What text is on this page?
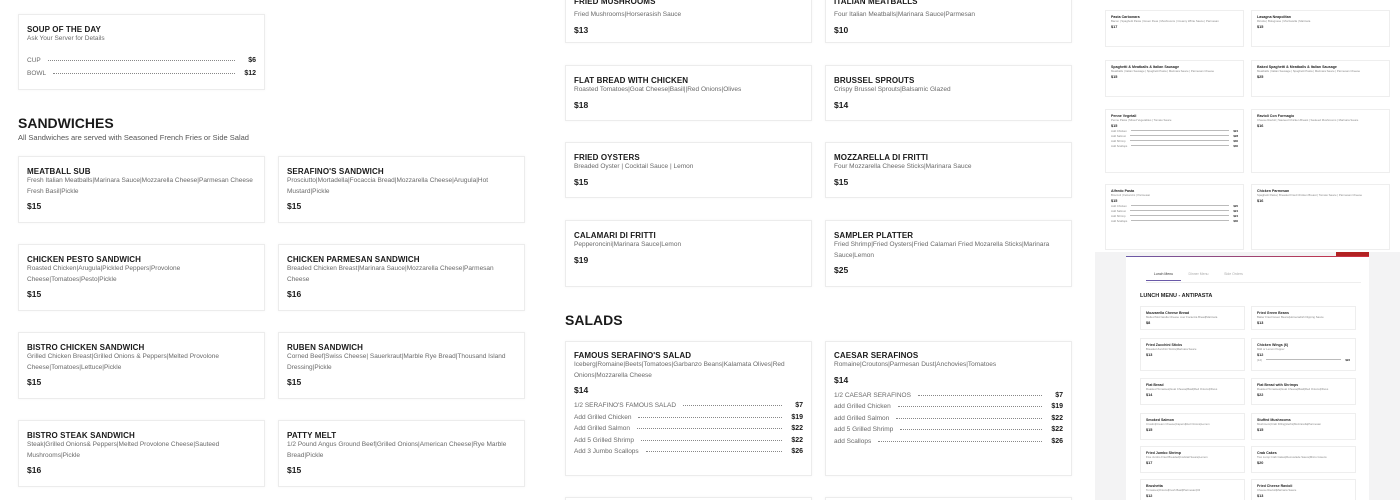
SOUP OF THE DAY
Ask Your Server for Details
CUP	$6
BOWL	$12
SANDWICHES
All Sandwiches are served with Seasoned French Fries or Side Salad
MEATBALL SUB
Fresh Italian Meatballs|Marinara Sauce|Mozzarella Cheese|Parmesan Cheese Fresh Basil|Pickle
$15
SERAFINO'S SANDWICH
Prosciutto|Mortadella|Focaccia Bread|Mozzarella Cheese|Arugula|Hot Mustard|Pickle
$15
CHICKEN PESTO SANDWICH
Roasted Chicken|Arugula|Pickled Peppers|Provolone Cheese|Tomatoes|Pesto|Pickle
$15
CHICKEN PARMESAN SANDWICH
Breaded Chicken Breast|Marinara Sauce|Mozzarella Cheese|Parmesan Cheese
$16
BISTRO CHICKEN SANDWICH
Grilled Chicken Breast|Grilled Onions & Peppers|Melted Provolone Cheese|Tomatoes|Lettuce|Pickle
$15
RUBEN SANDWICH
Corned Beef|Swiss Cheese| Sauerkraut|Marble Rye Bread|Thousand Island Dressing|Pickle
$15
BISTRO STEAK SANDWICH
Steak|Grilled Onions& Peppers|Melted Provolone Cheese|Sauteed Mushrooms|Pickle
$16
PATTY MELT
1/2 Pound Angus Ground Beef|Grilled Onions|American Cheese|Rye Marble Bread|Pickle
$15
FRIED MUSHROOMS
Fried Mushrooms|Horserasish Sauce
$13
ITALIAN MEATBALLS
Four Italian Meatballs|Marinara Sauce|Parmesan
$10
FLAT BREAD WITH CHICKEN
Roasted Tomatoes|Goat Cheese|Basil||Red Onions|Olives
$18
BRUSSEL SPROUTS
Crispy Brussel Sprouts|Balsamic Glazed
$14
FRIED OYSTERS
Breaded Oyster | Cocktail Sauce | Lemon
$15
MOZZARELLA DI FRITTI
Four Mozzarella Cheese Sticks|Marinara Sauce
$15
CALAMARI DI FRITTI
Pepperoncini|Marinara Sauce|Lemon
$19
SAMPLER PLATTER
Fried Shrimp|Fried Oysters|Fried Calamari Fried Mozarella Sticks|Marinara Sauce|Lemon
$25
SALADS
FAMOUS SERAFINO'S SALAD
Iceberg|Romaine|Beets|Tomatoes|Garbanzo Beans|Kalamata Olives|Red Onions|Mozzarella Cheese
$14
1/2 SERAFINO'S FAMOUS SALAD	$7
Add Grilled Chicken	$19
Add Grilled Salmon	$22
Add 5 Grilled Shrimp	$22
Add 3 Jumbo Scallops	$26
CAESAR SERAFINOS
Romaine|Croutons|Parmesan Dust|Anchovies|Tomatoes
$14
1/2 CAESAR SERAFINOS	$7
add Grilled Chicken	$19
add Grilled Salmon	$22
add 5 Grilled Shrimp	$22
add Scallops	$26
Pasta Carbonara
Bacon | Spaghetti Pasta | Green Peas | Mushrooms | Creamy White Sauce | Parmesan
$17
Lasagna Neapolitan
Ricotta | Bolognese | Mozzarella | Marinara
$15
Spaghetti & Meatballs & Italian Sausage
Meatballs | Italian Sausage | Spaghetti Pasta | Marinara Sauce | Parmesan Cheese
$15
Baked Spaghetti & Meatballs & Italian Sausage
Meatballs | Italian Sausage | Spaghetti Pasta | Marinara Sauce | Parmesan Cheese
$25
Penne Vegetali
Penne Pasta | Mixed Vegetables | Tomato Sauce
$15
Add Chicken	$24
Add Salmon	$28
Add Shrimp	$30
Add Scallops	$30
Ravioli Con Formagio
Cheese Ravioli | Sauteed Chicken Breast | Sauteed Mushrooms | Marinara Sauce
$16
Alfredo Pasta
Broccoli | Fettuccini | Parmesan
$15
Add Chicken	$20
Add Salmon	$24
Add Shrimp	$24
Add Scallops	$30
Chicken Parmesan
Spaghetti Pasta | Breaded Fried Chicken Breast | Tomato Sauce | Parmesan Cheese
$16
Lunch Menu	Dinner Menu	Side Orders
LUNCH MENU - ANTIPASTA
Mozzarella Cheese Bread
Melted Mozzarella Cheese over Focaccia Bread|Marinara
$8
Fried Green Beans
Batter Fried Green Beans|Horseradish Dipping Sauce
$13
Fried Zucchini Sticks
Breaded Zucchini Sticks|Marinara Sauce
$13
Chicken Wings (6)
Mild or Lemon Pepper
$12
(12)	$22
Flat Bread
Roasted Tomatoes|Goat Cheese|Basil|Red Onions|Olives
$14
Flat Bread with Shrimps
Roasted Tomatoes|Goat Cheese|Basil|Red Onions|Olives
$22
Smoked Salmon
Crostini|Cream Cheese|Capers|Red Onions|Lemon
$15
Stuffed Mushrooms
Mushroom|Crab Filling|Herbs|Mozzarella|Parmesan
$15
Fried Jumbo Shrimp
Five Jumbo Fried Breaded|Cocktail Sauce|Lemon
$17
Crab Cakes
Two Lump Crab Cakes|Remoulade Sauce|Micro Greens
$20
Brushetta
Tomatoes|Onions|Fresh Basil|Parmesan|Oil
$12
Fried Cheese Ravioli
Cheese Ravioli|Marinara Sauce
$13
